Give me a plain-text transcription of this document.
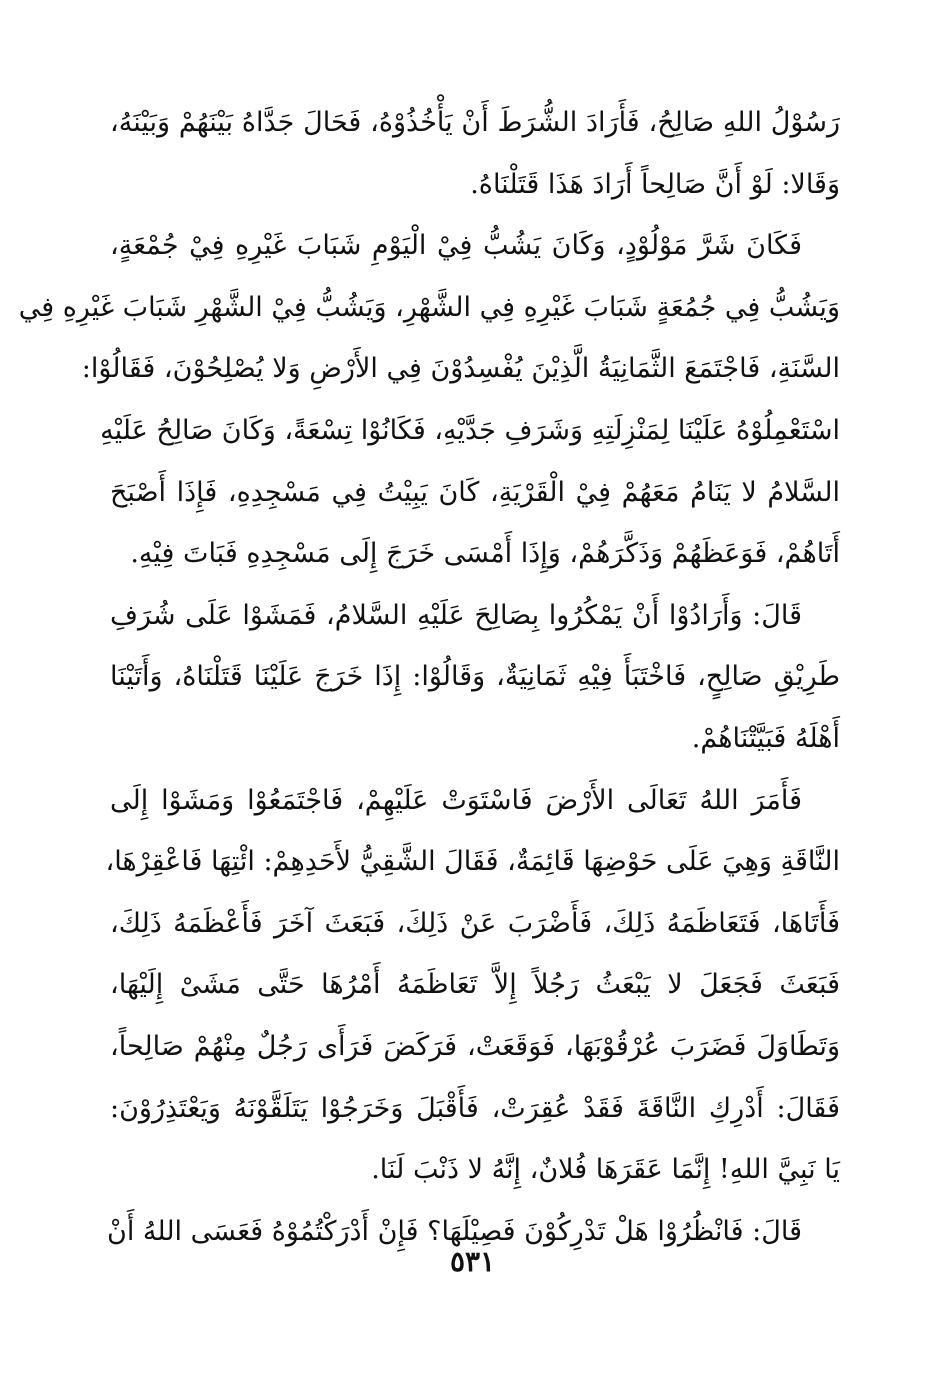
رَسُوْلُ اللهِ صَالِحُ، فَأَرَادَ الشُّرَطَ أَنْ يَأْخُذُوْهُ، فَحَالَ جَدَّاهُ بَيْنَهُمْ وَبَيْنَهُ،
وَقَالا: لَوْ أَنَّ صَالِحاً أَرَادَ هَذَا قَتَلْنَاهُ.
فَكَانَ شَرَّ مَوْلُوْدٍ، وَكَانَ يَشُبُّ فِيْ الْيَوْمِ شَبَابَ غَيْرِهِ فِيْ جُمْعَةٍ،
وَيَشُبُّ فِي جُمُعَةٍ شَبَابَ غَيْرِهِ فِي الشَّهْرِ، وَيَشُبُّ فِيْ الشَّهْرِ شَبَابَ غَيْرِهِ فِي
السَّنَةِ، فَاجْتَمَعَ الثَّمَانِيَةُ الَّذِيْنَ يُفْسِدُوْنَ فِي الأَرْضِ وَلا يُصْلِحُوْنَ، فَقَالُوْا:
اسْتَعْمِلُوْهُ عَلَيْنَا لِمَنْزِلَتِهِ وَشَرَفِ جَدَّيْهِ، فَكَانُوْا تِسْعَةً، وَكَانَ صَالِحُ عَلَيْهِ
السَّلامُ لا يَنَامُ مَعَهُمْ فِيْ الْقَرْيَةِ، كَانَ يَبِيْتُ فِي مَسْجِدِهِ، فَإِذَا أَصْبَحَ
أَتَاهُمْ، فَوَعَظَهُمْ وَذَكَّرَهُمْ، وَإِذَا أَمْسَى خَرَجَ إِلَى مَسْجِدِهِ فَبَاتَ فِيْهِ.
قَالَ: وَأَرَادُوْا أَنْ يَمْكُرُوا بِصَالِحَ عَلَيْهِ السَّلامُ، فَمَشَوْا عَلَى شُرَفِ
طَرِيْقِ صَالِحٍ، فَاخْتَبَأَ فِيْهِ ثَمَانِيَةٌ، وَقَالُوْا: إِذَا خَرَجَ عَلَيْنَا قَتَلْنَاهُ، وَأَتَيْنَا
أَهْلَهُ فَبَيَّتْنَاهُمْ.
فَأَمَرَ اللهُ تَعَالَى الأَرْضَ فَاسْتَوَتْ عَلَيْهِمْ، فَاجْتَمَعُوْا وَمَشَوْا إِلَى
النَّاقَةِ وَهِيَ عَلَى حَوْضِهَا قَائِمَةٌ، فَقَالَ الشَّقِيُّ لأَحَدِهِمْ: ائْتِهَا فَاعْقِرْهَا،
فَأَتَاهَا، فَتَعَاظَمَهُ ذَلِكَ، فَأَضْرَبَ عَنْ ذَلِكَ، فَبَعَثَ آخَرَ فَأَعْظَمَهُ ذَلِكَ،
فَبَعَثَ فَجَعَلَ لا يَبْعَثُ رَجُلاً إِلاَّ تَعَاظَمَهُ أَمْرُهَا حَتَّى مَشَىْ إِلَيْهَا،
وَتَطَاوَلَ فَضَرَبَ عُرْقُوْبَهَا، فَوَقَعَتْ، فَرَكَضَ فَرَأَى رَجُلٌ مِنْهُمْ صَالِحاً،
فَقَالَ: أَدْرِكِ النَّاقَةَ فَقَدْ عُقِرَتْ، فَأَقْبَلَ وَخَرَجُوْا يَتَلَقَّوْنَهُ وَيَعْتَذِرُوْنَ:
يَا نَبِيَّ اللهِ! إِنَّمَا عَقَرَهَا فُلانٌ، إِنَّهُ لا ذَنْبَ لَنَا.
قَالَ: فَانْظُرُوْا هَلْ تَدْرِكُوْنَ فَصِيْلَهَا؟ فَإِنْ أَدْرَكْتُمُوْهُ فَعَسَى اللهُ أَنْ
٥٣١
